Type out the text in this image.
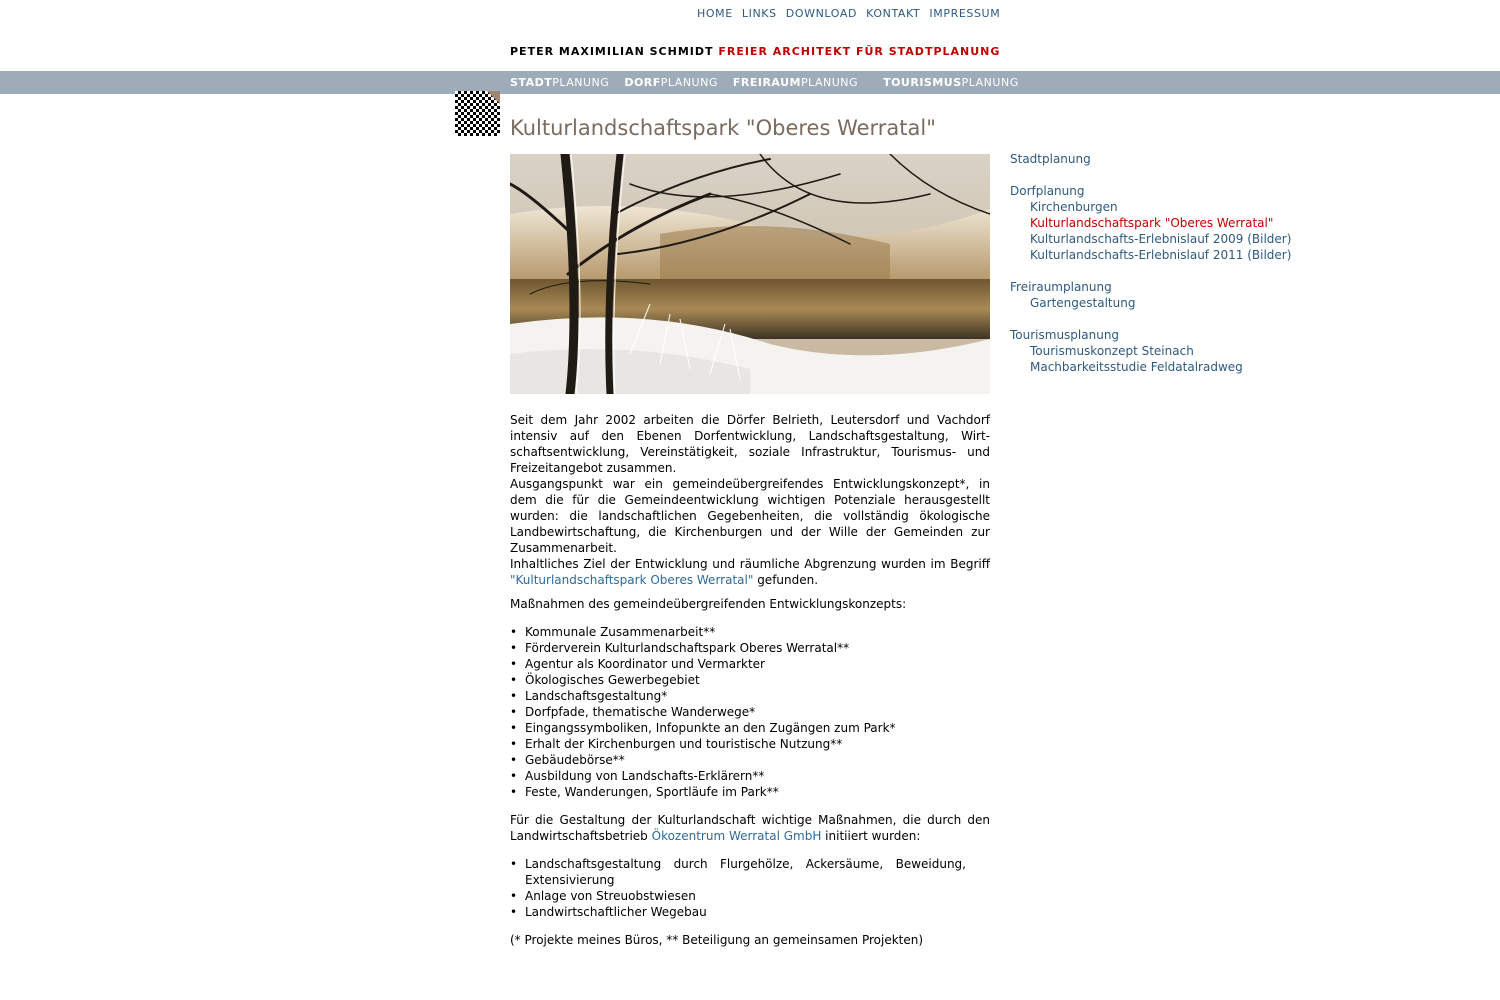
HOME LINKS DOWNLOAD KONTAKT IMPRESSUM
PETER MAXIMILIAN SCHMIDT FREIER ARCHITEKT FÜR STADTPLANUNG
STADTPLANUNG DORFPLANUNG FREIRAUMPLANUNG TOURISMUSPLANUNG
Kulturlandschaftspark "Oberes Werratal"

Seit dem Jahr 2002 arbeiten die Dörfer Belrieth, Leutersdorf und Vachdorf intensiv auf den Ebenen Dorfentwicklung, Landschaftsgestaltung, Wirt-schaftsentwicklung, Vereinstätigkeit, soziale Infrastruktur, Tourismus- und Freizeitangebot zusammen.

Ausgangspunkt war ein gemeindeübergreifendes Entwicklungskonzept*, in dem die für die Gemeindeentwicklung wichtigen Potenziale herausgestellt wurden: die landschaftlichen Gegebenheiten, die vollständig ökologische Landbewirtschaftung, die Kirchenburgen und der Wille der Gemeinden zur Zusammenarbeit.

Inhaltliches Ziel der Entwicklung und räumliche Abgrenzung wurden im Begriff "Kulturlandschaftspark Oberes Werratal" gefunden.

Maßnahmen des gemeindeübergreifenden Entwicklungskonzepts:

• Kommunale Zusammenarbeit**
• Förderverein Kulturlandschaftspark Oberes Werratal**
• Agentur als Koordinator und Vermarkter
• Ökologisches Gewerbegebiet
• Landschaftsgestaltung*
• Dorfpfade, thematische Wanderwege*
• Eingangssymboliken, Infopunkte an den Zugängen zum Park*
• Erhalt der Kirchenburgen und touristische Nutzung**
• Gebäudebörse**
• Ausbildung von Landschafts-Erklärern**
• Feste, Wanderungen, Sportläufe im Park**

Für die Gestaltung der Kulturlandschaft wichtige Maßnahmen, die durch den Landwirtschaftsbetrieb Ökozentrum Werratal GmbH initiiert wurden:

• Landschaftsgestaltung durch Flurgehölze, Ackersäume, Beweidung, Extensivierung
• Anlage von Streuobstwiesen
• Landwirtschaftlicher Wegebau

(* Projekte meines Büros, ** Beteiligung an gemeinsamen Projekten)

Stadtplanung
Dorfplanung
Kirchenburgen
Kulturlandschaftspark "Oberes Werratal"
Kulturlandschafts-Erlebnislauf 2009 (Bilder)
Kulturlandschafts-Erlebnislauf 2011 (Bilder)
Freiraumplanung
Gartengestaltung
Tourismusplanung
Tourismuskonzept Steinach
Machbarkeitsstudie Feldatalradweg
